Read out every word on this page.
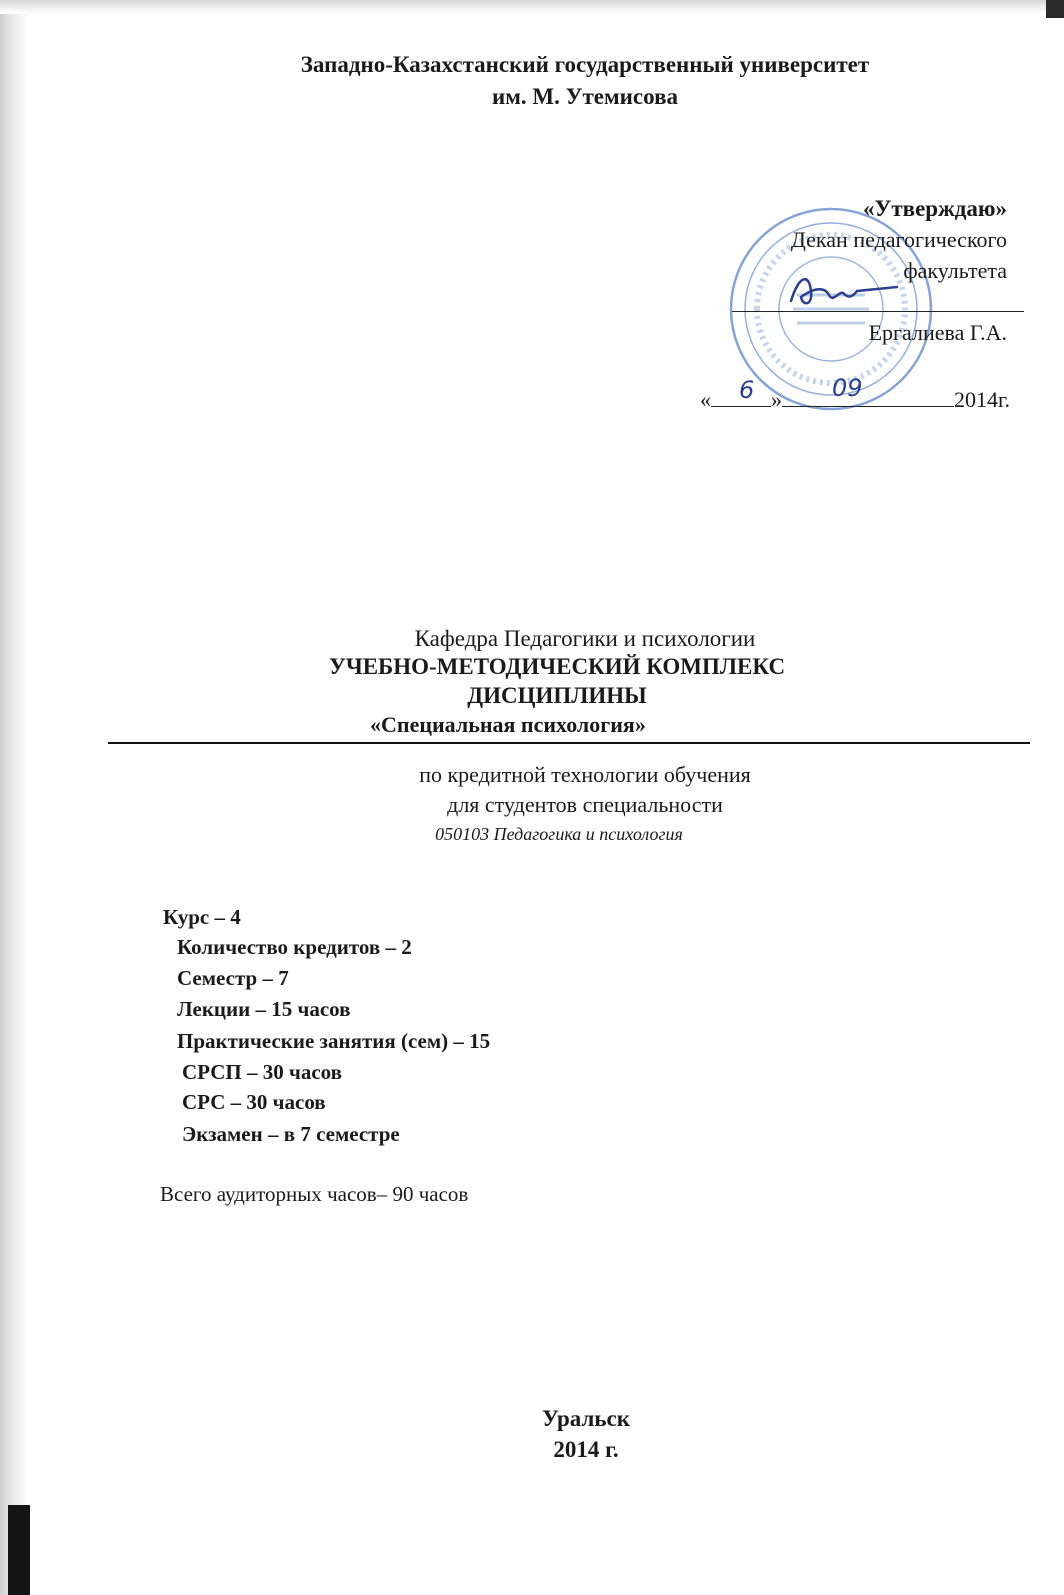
Западно-Казахстанский государственный университет
им. М. Утемисова
«Утверждаю»
Декан педагогического
факультета
Ергалиева Г.А.
« 6 » 09	2014г.
Кафедра Педагогики и психологии
УЧЕБНО-МЕТОДИЧЕСКИЙ КОМПЛЕКС
ДИСЦИПЛИНЫ
«Специальная психология»
по кредитной технологии обучения
для студентов специальности
050103 Педагогика и психология
Курс – 4
Количество кредитов – 2
Семестр – 7
Лекции – 15 часов
Практические занятия (сем) – 15
СРСП – 30 часов
СРС – 30 часов
Экзамен – в 7 семестре
Всего аудиторных часов– 90 часов
Уральск
2014 г.
